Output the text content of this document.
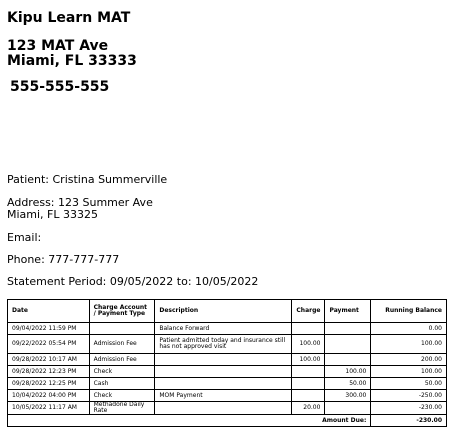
Kipu Learn MAT
123 MAT Ave
Miami, FL 33333
555-555-555
Patient: Cristina Summerville
Address: 123 Summer Ave
Miami, FL 33325
Email:
Phone: 777-777-777
Statement Period: 09/05/2022 to: 10/05/2022
Date	Charge Account / Payment Type	Description	Charge	Payment	Running Balance
09/04/2022 11:59 PM		Balance Forward			0.00
09/22/2022 05:54 PM	Admission Fee	Patient admitted today and insurance still has not approved visit	100.00		100.00
09/28/2022 10:17 AM	Admission Fee		100.00		200.00
09/28/2022 12:23 PM	Check			100.00	100.00
09/28/2022 12:25 PM	Cash			50.00	50.00
10/04/2022 04:00 PM	Check	MOM Payment		300.00	-250.00
10/05/2022 11:17 AM	Methadone Daily Rate		20.00		-230.00
			Amount Due:		-230.00
